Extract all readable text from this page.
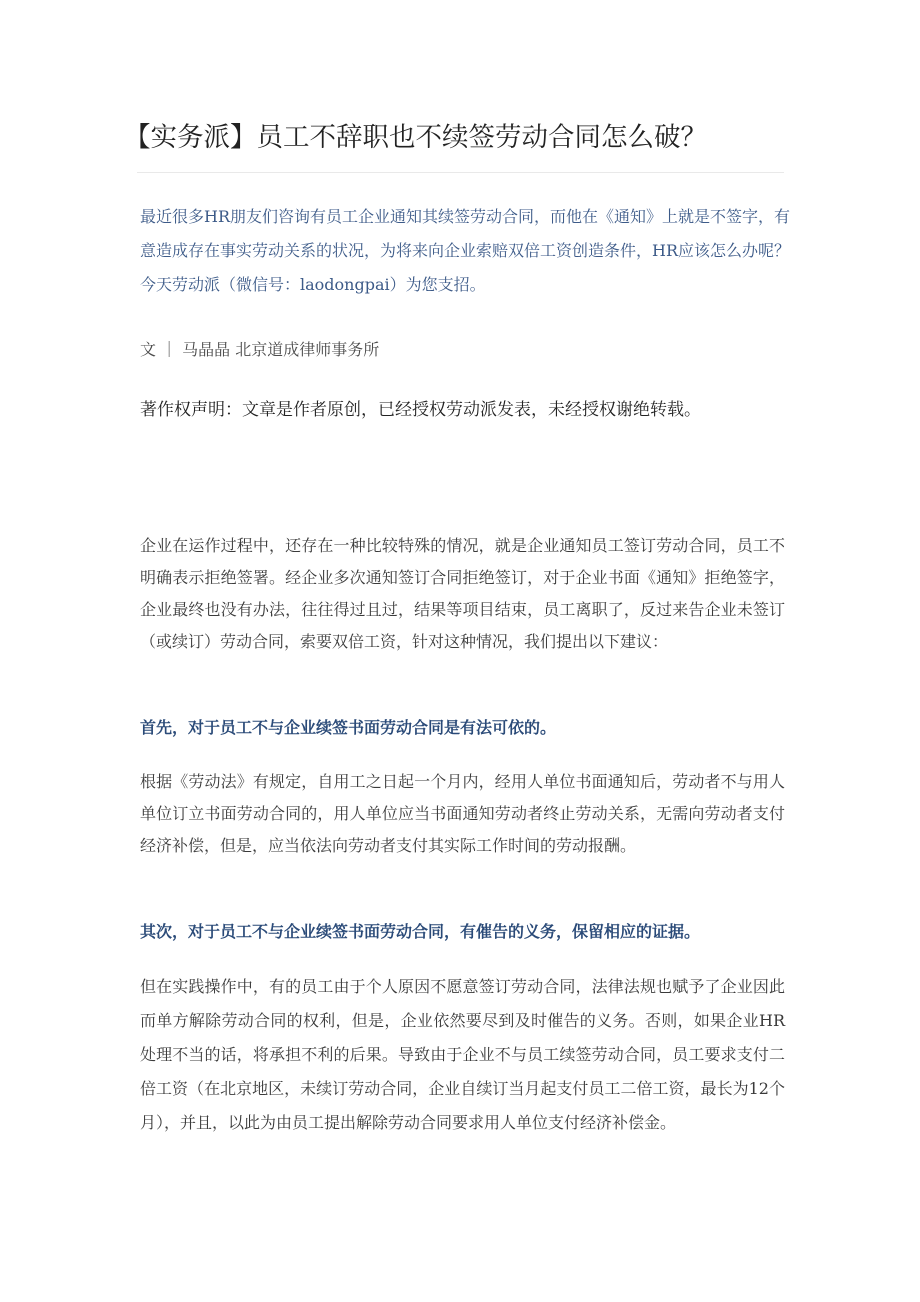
【实务派】员工不辞职也不续签劳动合同怎么破？

最近很多HR朋友们咨询有员工企业通知其续签劳动合同，而他在《通知》上就是不签字，有意造成存在事实劳动关系的状况，为将来向企业索赔双倍工资创造条件，HR应该怎么办呢？今天劳动派（微信号：laodongpai）为您支招。

文 ｜ 马晶晶 北京道成律师事务所

著作权声明：文章是作者原创，已经授权劳动派发表，未经授权谢绝转载。

企业在运作过程中，还存在一种比较特殊的情况，就是企业通知员工签订劳动合同，员工不明确表示拒绝签署。经企业多次通知签订合同拒绝签订，对于企业书面《通知》拒绝签字，企业最终也没有办法，往往得过且过，结果等项目结束，员工离职了，反过来告企业未签订（或续订）劳动合同，索要双倍工资，针对这种情况，我们提出以下建议：

首先，对于员工不与企业续签书面劳动合同是有法可依的。

根据《劳动法》有规定，自用工之日起一个月内，经用人单位书面通知后，劳动者不与用人单位订立书面劳动合同的，用人单位应当书面通知劳动者终止劳动关系，无需向劳动者支付经济补偿，但是，应当依法向劳动者支付其实际工作时间的劳动报酬。

其次，对于员工不与企业续签书面劳动合同，有催告的义务，保留相应的证据。

但在实践操作中，有的员工由于个人原因不愿意签订劳动合同，法律法规也赋予了企业因此而单方解除劳动合同的权利，但是，企业依然要尽到及时催告的义务。否则，如果企业HR处理不当的话，将承担不利的后果。导致由于企业不与员工续签劳动合同，员工要求支付二倍工资（在北京地区，未续订劳动合同，企业自续订当月起支付员工二倍工资，最长为12个月），并且，以此为由员工提出解除劳动合同要求用人单位支付经济补偿金。
